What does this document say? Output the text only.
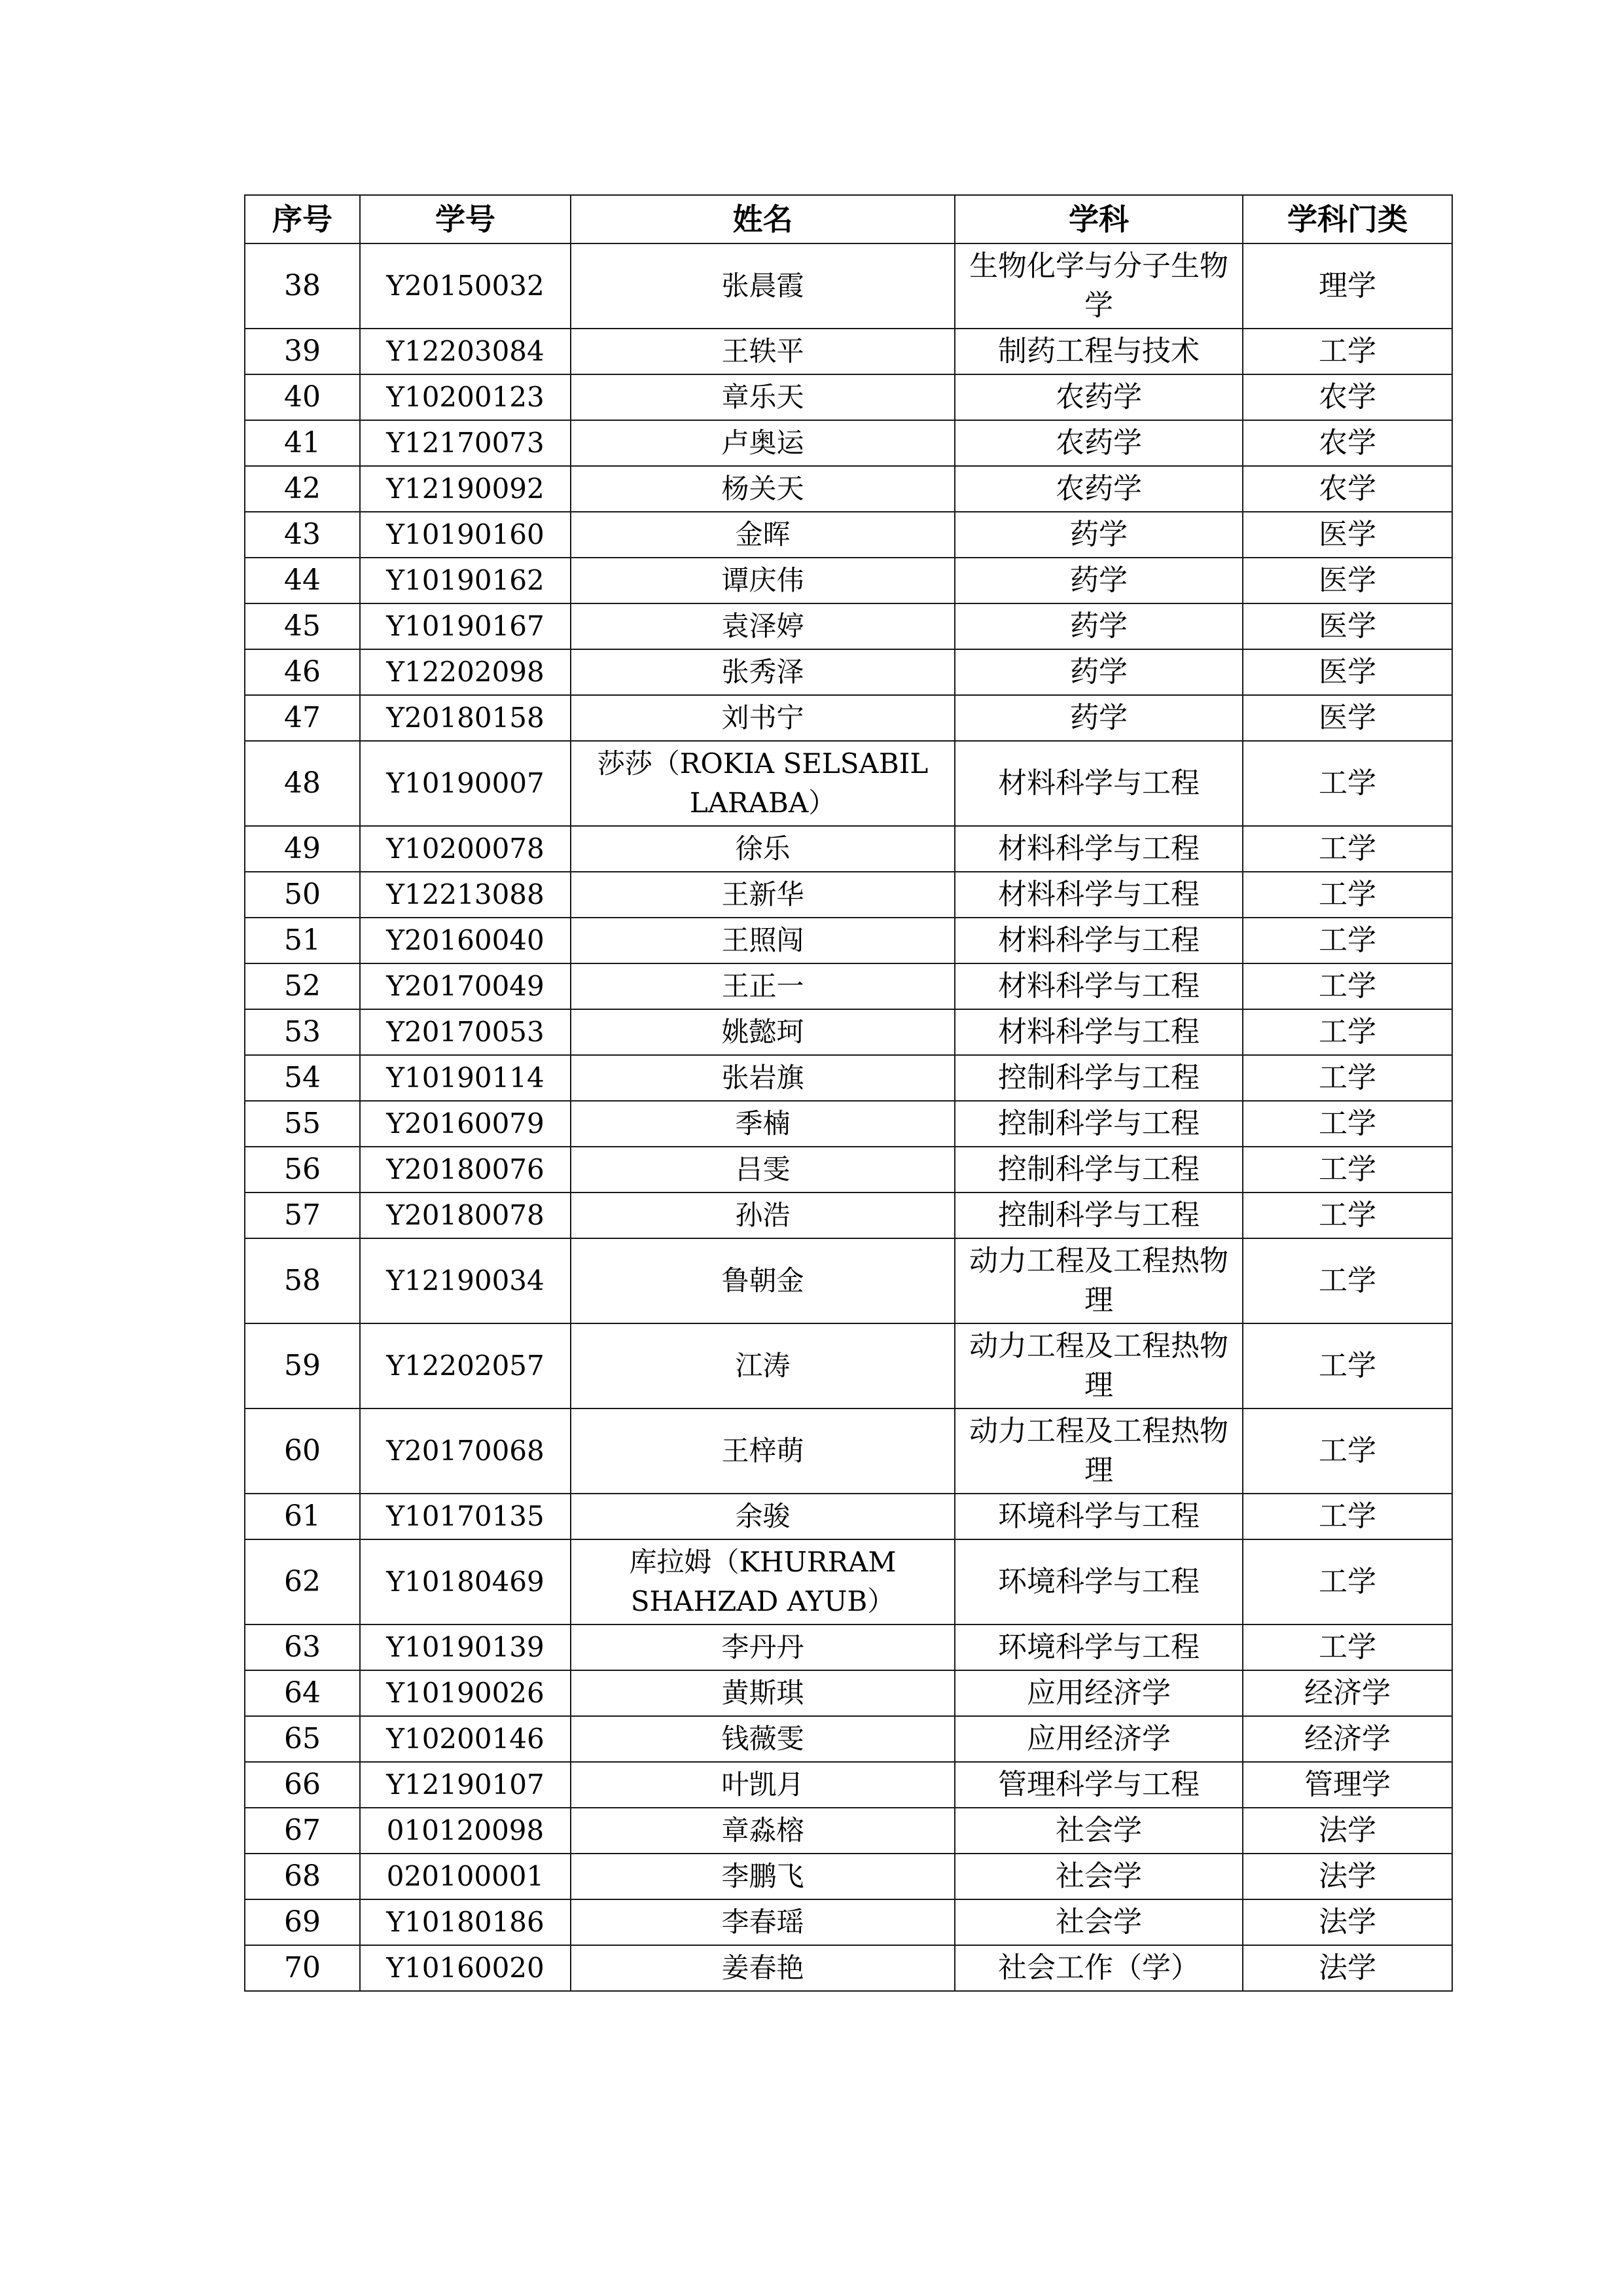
序号	学号	姓名	学科	学科门类
38	Y20150032	张晨霞	生物化学与分子生物学	理学
39	Y12203084	王轶平	制药工程与技术	工学
40	Y10200123	章乐天	农药学	农学
41	Y12170073	卢奥运	农药学	农学
42	Y12190092	杨关天	农药学	农学
43	Y10190160	金晖	药学	医学
44	Y10190162	谭庆伟	药学	医学
45	Y10190167	袁泽婷	药学	医学
46	Y12202098	张秀泽	药学	医学
47	Y20180158	刘书宁	药学	医学
48	Y10190007	莎莎（ROKIA SELSABIL LARABA）	材料科学与工程	工学
49	Y10200078	徐乐	材料科学与工程	工学
50	Y12213088	王新华	材料科学与工程	工学
51	Y20160040	王照闯	材料科学与工程	工学
52	Y20170049	王正一	材料科学与工程	工学
53	Y20170053	姚懿珂	材料科学与工程	工学
54	Y10190114	张岩旗	控制科学与工程	工学
55	Y20160079	季楠	控制科学与工程	工学
56	Y20180076	吕雯	控制科学与工程	工学
57	Y20180078	孙浩	控制科学与工程	工学
58	Y12190034	鲁朝金	动力工程及工程热物理	工学
59	Y12202057	江涛	动力工程及工程热物理	工学
60	Y20170068	王梓萌	动力工程及工程热物理	工学
61	Y10170135	余骏	环境科学与工程	工学
62	Y10180469	库拉姆（KHURRAM SHAHZAD AYUB）	环境科学与工程	工学
63	Y10190139	李丹丹	环境科学与工程	工学
64	Y10190026	黄斯琪	应用经济学	经济学
65	Y10200146	钱薇雯	应用经济学	经济学
66	Y12190107	叶凯月	管理科学与工程	管理学
67	010120098	章淼榕	社会学	法学
68	020100001	李鹏飞	社会学	法学
69	Y10180186	李春瑶	社会学	法学
70	Y10160020	姜春艳	社会工作（学）	法学
